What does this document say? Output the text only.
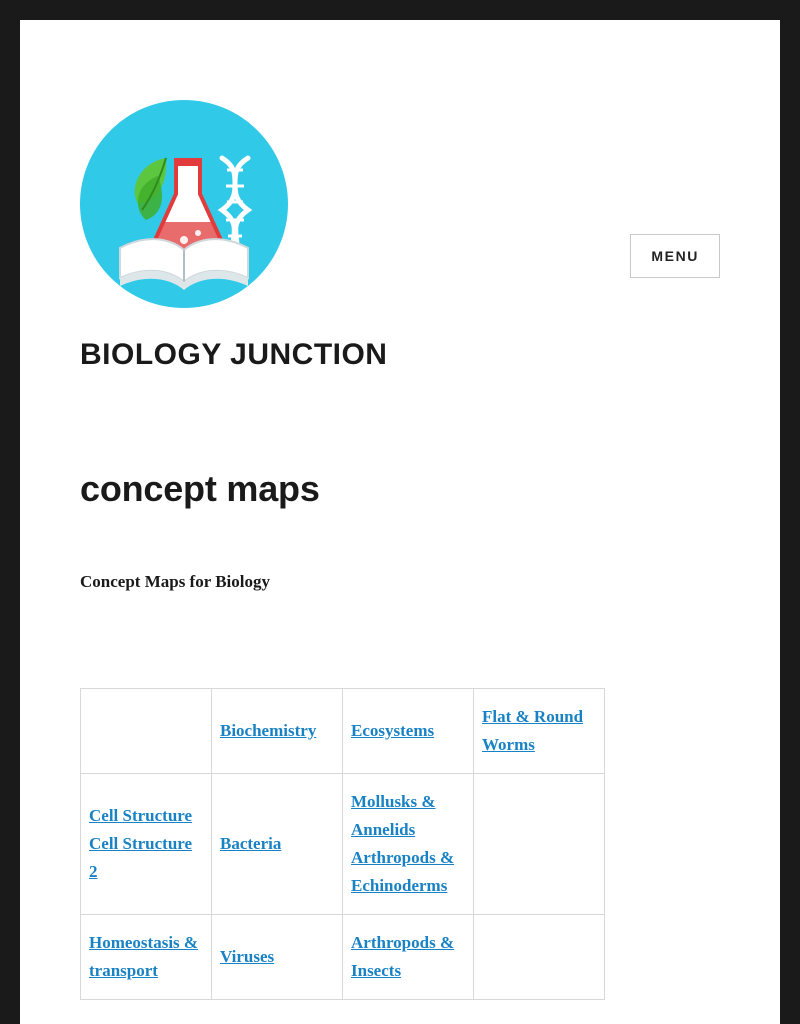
BIOLOGY JUNCTION
MENU
concept maps

Concept Maps for Biology

	Biochemistry	Ecosystems	Flat & Round Worms
Cell Structure Cell Structure 2	Bacteria	Mollusks & Annelids Arthropods & Echinoderms	
Homeostasis & transport	Viruses	Arthropods & Insects	
